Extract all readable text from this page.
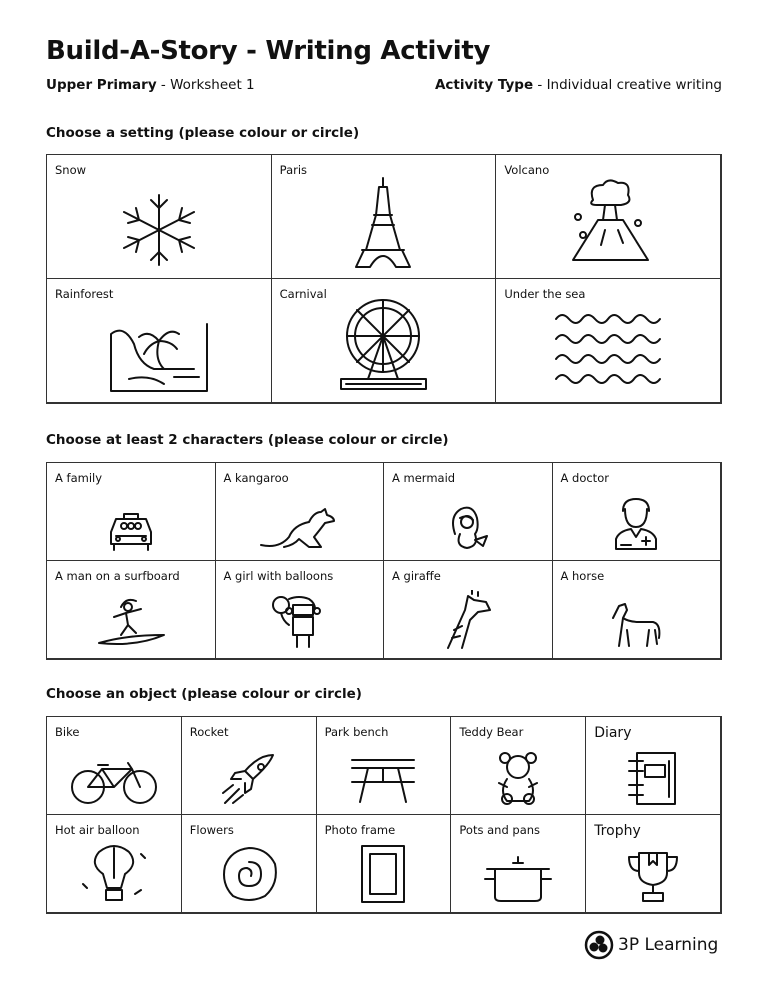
Build-A-Story - Writing Activity
Upper Primary - Worksheet 1	Activity Type - Individual creative writing
Choose a setting (please colour or circle)
Snow	Paris	Volcano
Rainforest	Carnival	Under the sea
Choose at least 2 characters (please colour or circle)
A family	A kangaroo	A mermaid	A doctor
A man on a surfboard	A girl with balloons	A giraffe	A horse
Choose an object (please colour or circle)
Bike	Rocket	Park bench	Teddy Bear	Diary
Hot air balloon	Flowers	Photo frame	Pots and pans	Trophy
3P Learning
